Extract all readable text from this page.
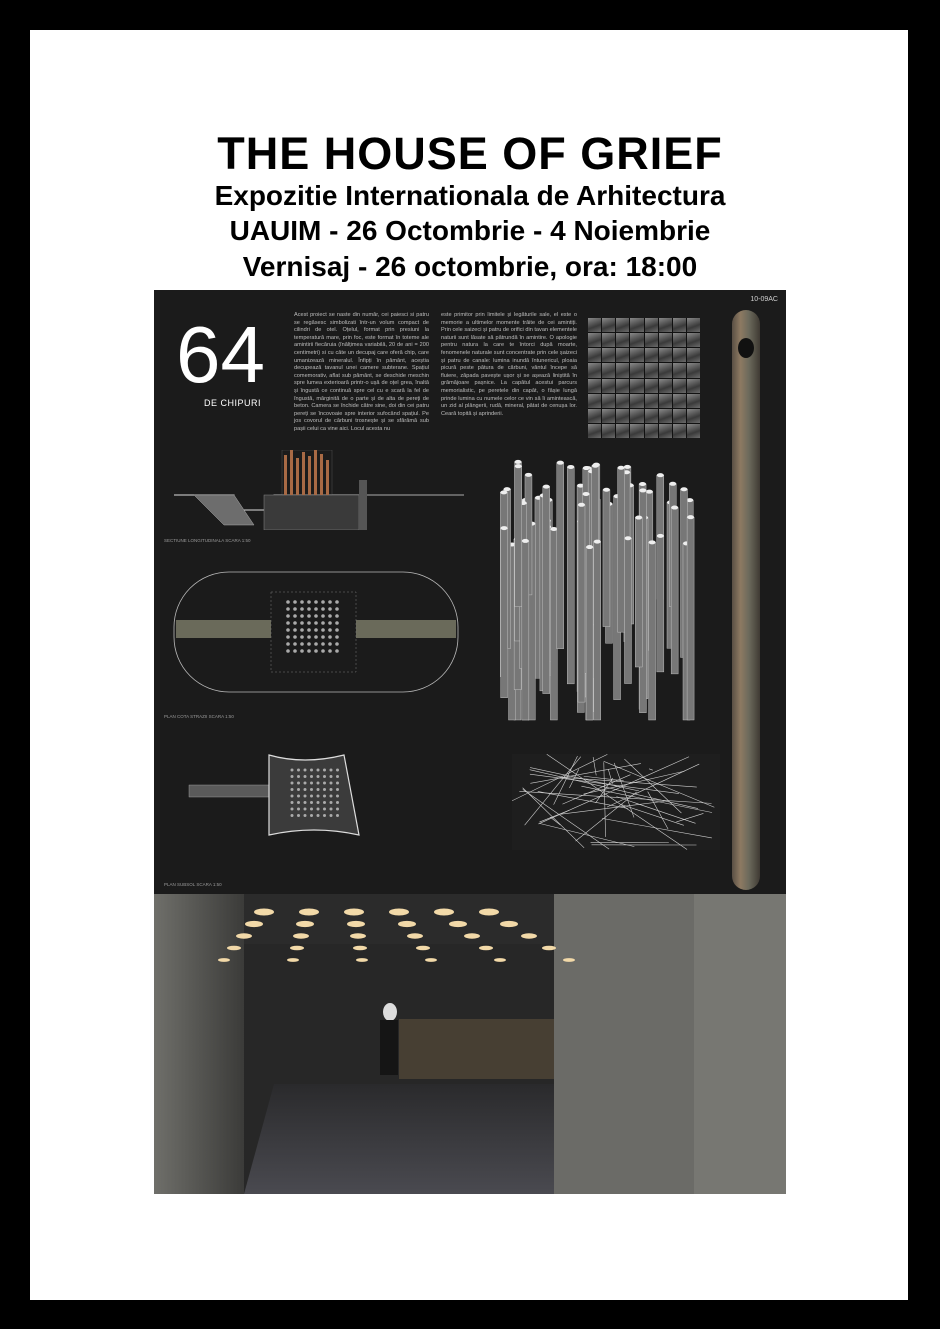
THE HOUSE OF GRIEF
Expozitie Internationala de Arhitectura
UAUIM - 26 Octombrie - 4 Noiembrie
Vernisaj - 26 octombrie, ora: 18:00
10-09AC
64
DE CHIPURI
Acest proiect se naste din număr, cei paiesci si patru se regăsesc simbolizati într-un volum compact de cilindri de otel. Oțelul, format prin presiuni la temperatură mare, prin foc, este format în toteme ale amintirii fiecăruia (înălțimea variabilă, 20 de ani = 200 centimetri) si cu câte un decupaj care oferă chip, care umanizează mineralul. Înfipți în pământ, aceștia decupează tavanul unei camere subterane. Spațiul comemorativ, aflat sub pământ, se deschide meschin spre lumea exterioară printr-o ușă de oțel grea, înaltă și îngustă ce continuă spre cel cu e scară la fel de îngustă, mărginită de o parte și de alta de pereți de beton. Camera se închide către sine, doi din cei patru pereți se încovoaie spre interior sufocând spațiul. Pe jos covorul de cărbuni trosnește și se sfărâmă sub pașii celui ca vine aici. Locul acesta nu
este primitor prin limitele și legăturile sale, el este o memorie a ultimelor momente trăite de cei amintiți. Prin cele saizeci și patru de orifici din tavan elementele naturii sunt lăsate să pătrundă în amintire. O apologie pentru natura la care te întorci după moarte, fenomenele naturale sunt concentrate prin cele șaizeci și patru de canale: lumina inundă întunericul, ploaia picură peste pătura de cărbuni, vântul începe să fluiere, zăpada pavește ușor și se așează liniștită în grămăjoare pașnice. La capătul acestui parcurs memorialistic, pe peretele din capăt, o fâșie lungă prinde lumina cu numele celor ce vin să îi amintească, un zid al plângerii, rudă, mineral, pătat de cenușa lor. Ceară topită și aprinderii.
SECTIUNE LONGITUDINALA SCARA 1:50
PLAN COTA STRAZII SCARA 1:50
PLAN SUBSOL SCARA 1:50
